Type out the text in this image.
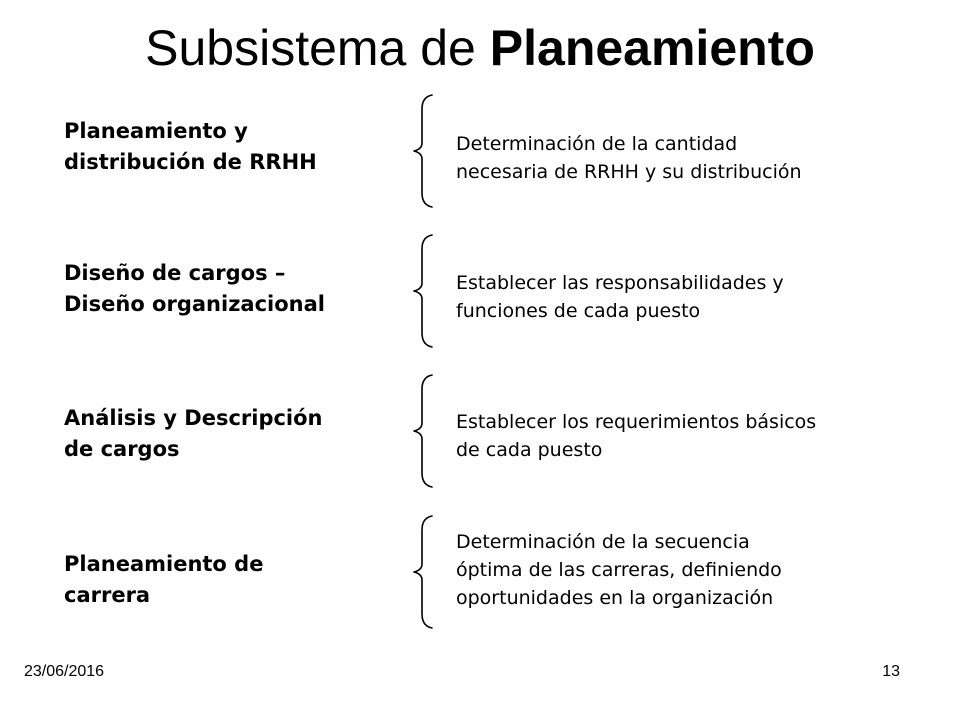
Subsistema de Planeamiento
Planeamiento y
distribución de RRHH
Determinación de la cantidad
necesaria de RRHH y su distribución
Diseño de cargos –
Diseño organizacional
Establecer las responsabilidades y
funciones de cada puesto
Análisis y Descripción
de cargos
Establecer los requerimientos básicos
de cada puesto
Planeamiento de
carrera
Determinación de la secuencia
óptima de las carreras, definiendo
oportunidades en la organización
23/06/2016	13
